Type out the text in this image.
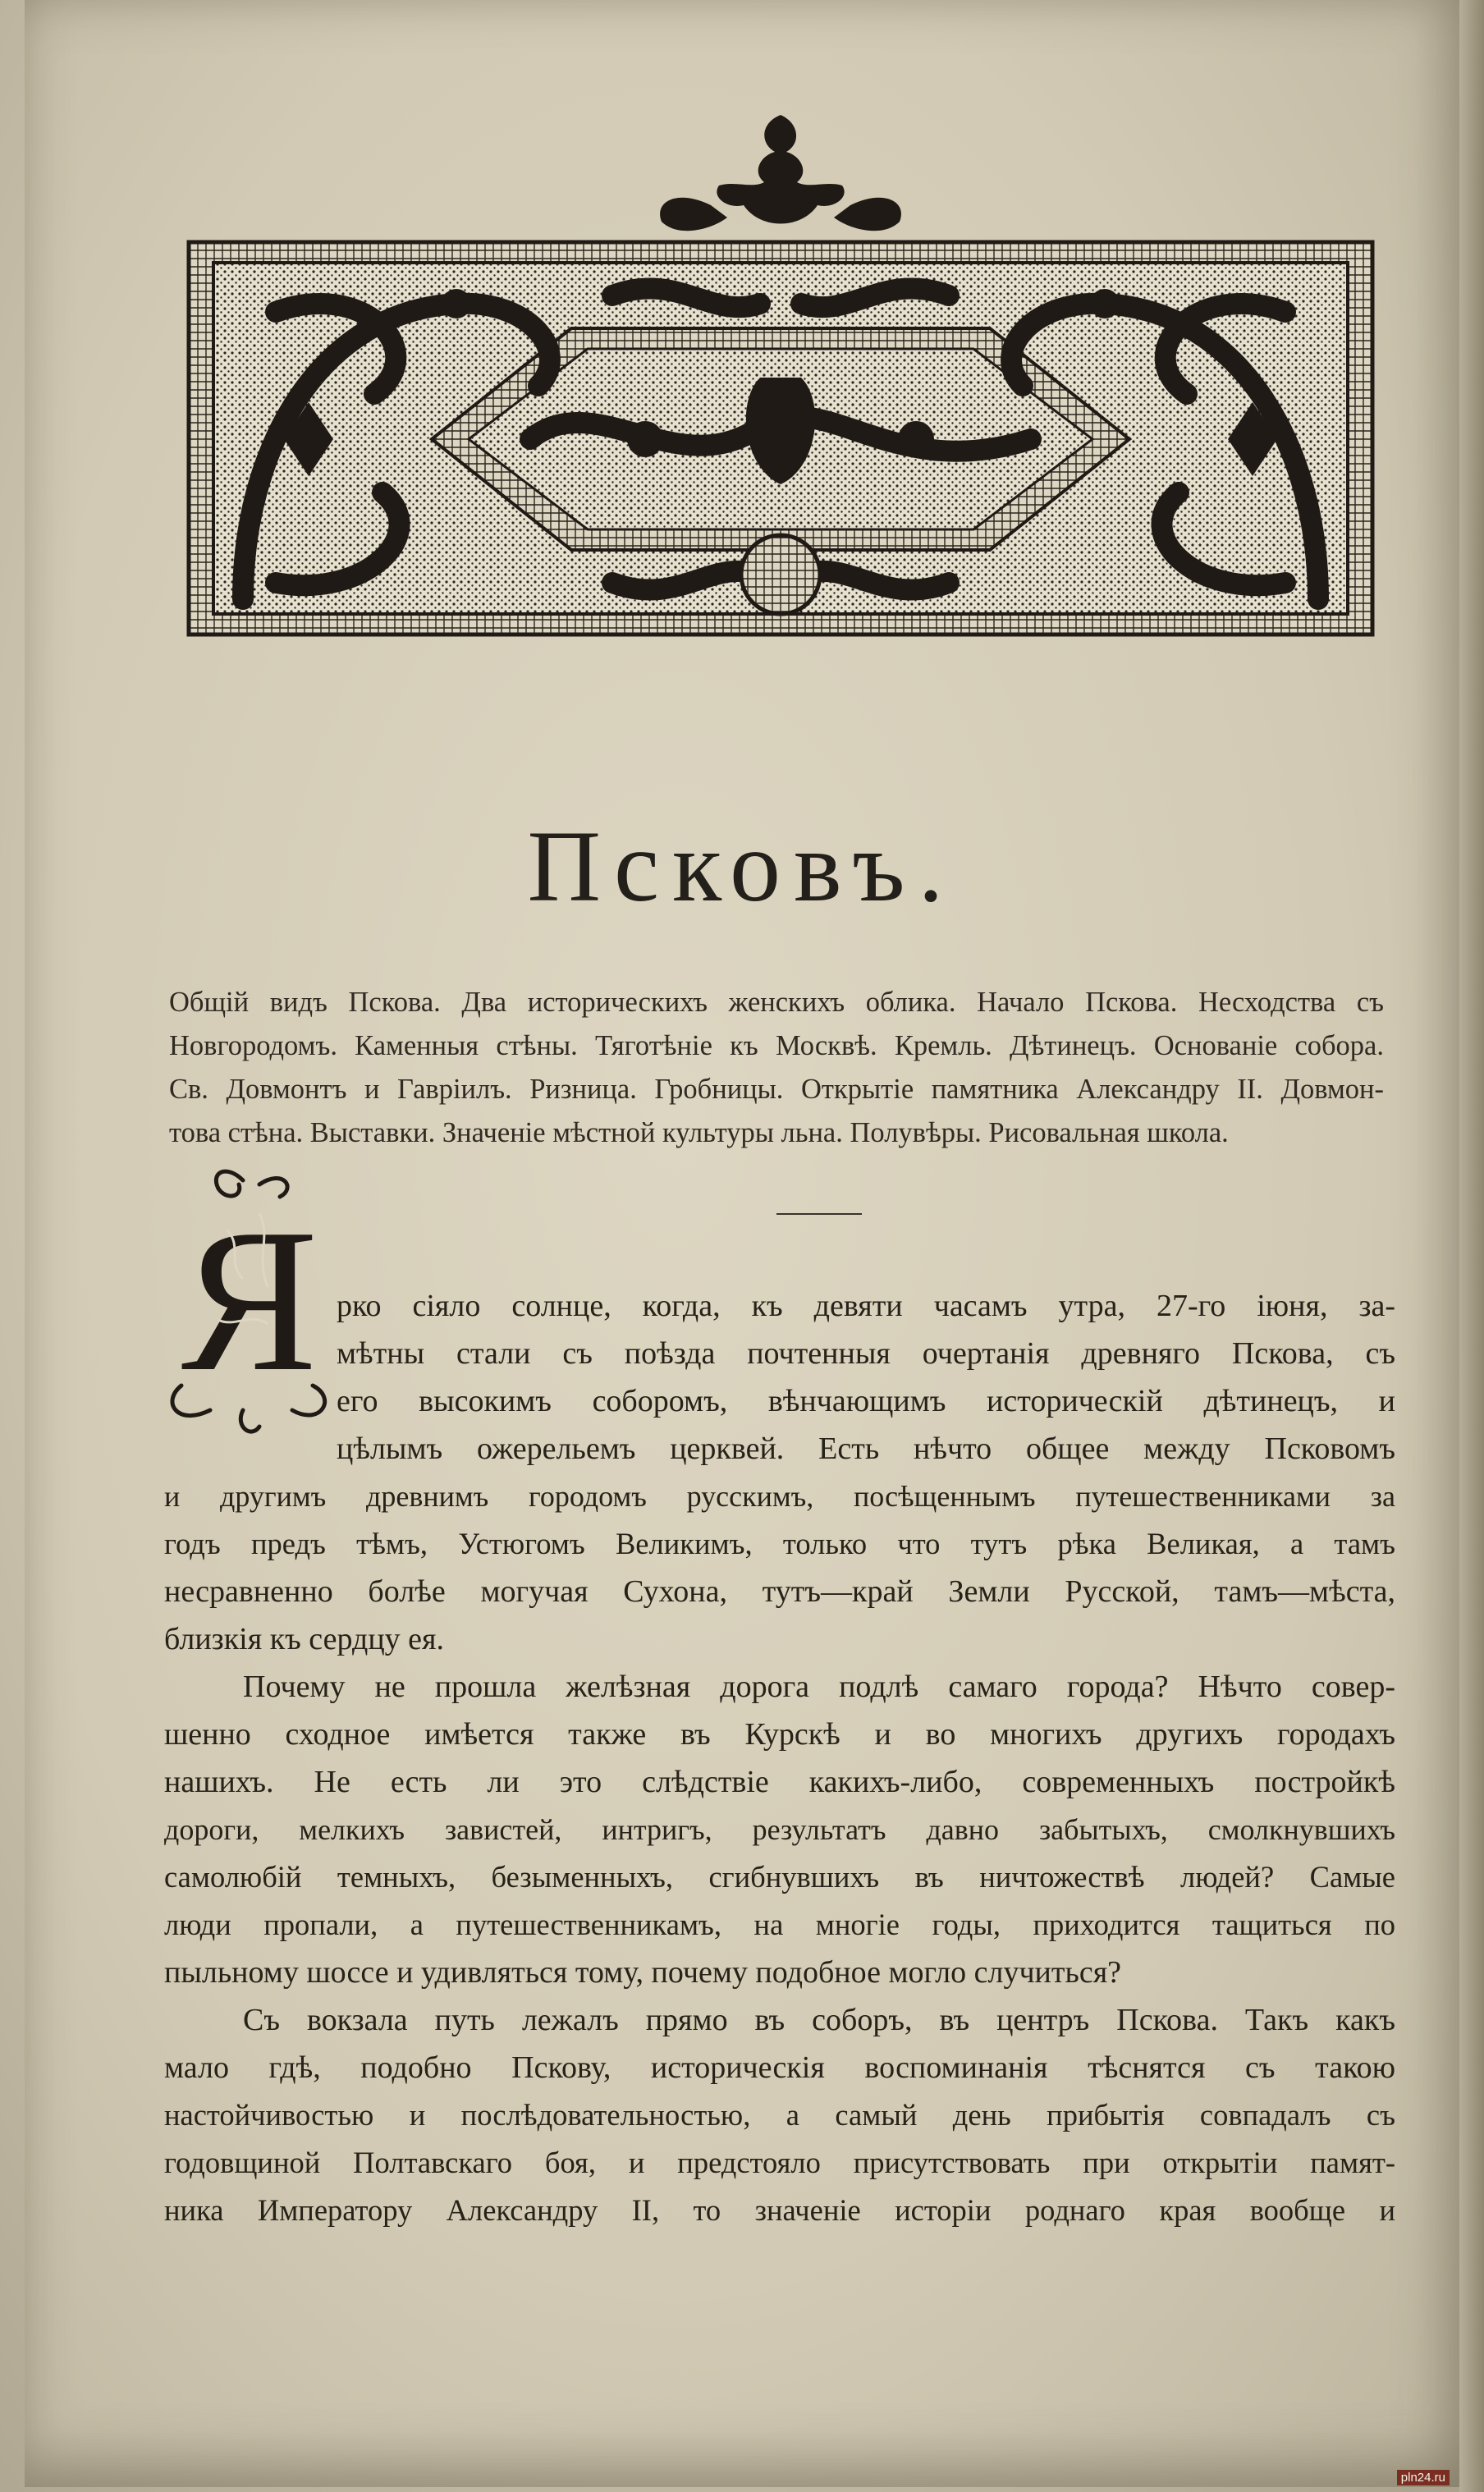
Псковъ.
Общій видъ Пскова. Два историческихъ женскихъ облика. Начало Пскова. Несходства съ
Новгородомъ. Каменныя стѣны. Тяготѣніе къ Москвѣ. Кремль. Дѣтинецъ. Основаніе собора.
Св. Довмонтъ и Гавріилъ. Ризница. Гробницы. Открытіе памятника Александру II. Довмон-
това стѣна. Выставки. Значеніе мѣстной культуры льна. Полувѣры. Рисовальная школа.
Я рко сіяло солнце, когда, къ девяти часамъ утра, 27-го іюня, за-
мѣтны стали съ поѣзда почтенныя очертанія древняго Пскова, съ
его высокимъ соборомъ, вѣнчающимъ историческій дѣтинецъ, и
цѣлымъ ожерельемъ церквей. Есть нѣчто общее между Псковомъ
и другимъ древнимъ городомъ русскимъ, посѣщеннымъ путешественниками за
годъ предъ тѣмъ, Устюгомъ Великимъ, только что тутъ рѣка Великая, а тамъ
несравненно болѣе могучая Сухона, тутъ—край Земли Русской, тамъ—мѣста,
близкія къ сердцу ея.
Почему не прошла желѣзная дорога подлѣ самаго города? Нѣчто совер-
шенно сходное имѣется также въ Курскѣ и во многихъ другихъ городахъ
нашихъ. Не есть ли это слѣдствіе какихъ-либо, современныхъ постройкѣ
дороги, мелкихъ завистей, интригъ, результатъ давно забытыхъ, смолкнувшихъ
самолюбій темныхъ, безыменныхъ, сгибнувшихъ въ ничтожествѣ людей? Самые
люди пропали, а путешественникамъ, на многіе годы, приходится тащиться по
пыльному шоссе и удивляться тому, почему подобное могло случиться?
Съ вокзала путь лежалъ прямо въ соборъ, въ центръ Пскова. Такъ какъ
мало гдѣ, подобно Пскову, историческія воспоминанія тѣснятся съ такою
настойчивостью и послѣдовательностью, а самый день прибытія совпадалъ съ
годовщиной Полтавскаго боя, и предстояло присутствовать при открытіи памят-
ника Императору Александру II, то значеніе исторіи роднаго края вообще и
pln24.ru
